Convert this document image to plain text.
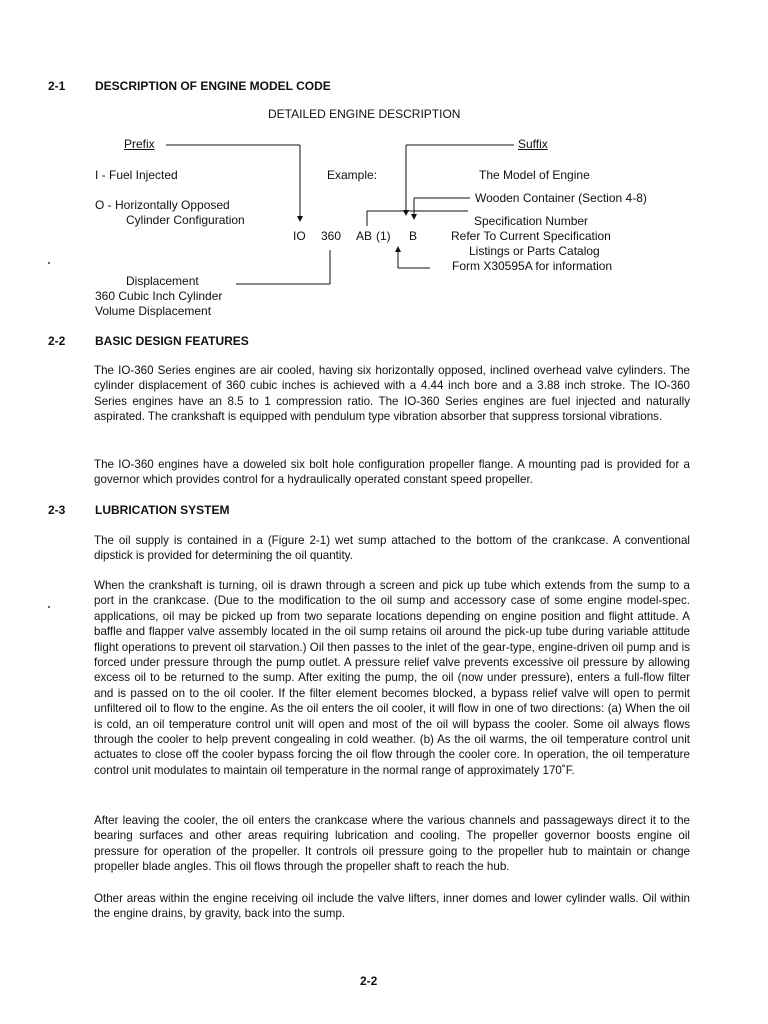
2-1 DESCRIPTION OF ENGINE MODEL CODE
DETAILED ENGINE DESCRIPTION
Prefix	Suffix
I - Fuel Injected
O - Horizontally Opposed
Cylinder Configuration
Example:
IO 360 AB (1) B
The Model of Engine
Wooden Container (Section 4-8)
Specification Number
Refer To Current Specification
Listings or Parts Catalog
Form X30595A for information
Displacement
360 Cubic Inch Cylinder
Volume Displacement
2-2 BASIC DESIGN FEATURES
The IO-360 Series engines are air cooled, having six horizontally opposed, inclined overhead valve cylinders. The cylinder displacement of 360 cubic inches is achieved with a 4.44 inch bore and a 3.88 inch stroke. The IO-360 Series engines have an 8.5 to 1 compression ratio. The IO-360 Series engines are fuel injected and naturally aspirated. The crankshaft is equipped with pendulum type vibration absorber that suppress torsional vibrations.
The IO-360 engines have a doweled six bolt hole configuration propeller flange. A mounting pad is provided for a governor which provides control for a hydraulically operated constant speed propeller.
2-3 LUBRICATION SYSTEM
The oil supply is contained in a (Figure 2-1) wet sump attached to the bottom of the crankcase. A conventional dipstick is provided for determining the oil quantity.
When the crankshaft is turning, oil is drawn through a screen and pick up tube which extends from the sump to a port in the crankcase. (Due to the modification to the oil sump and accessory case of some engine model-spec. applications, oil may be picked up from two separate locations depending on engine position and flight attitude. A baffle and flapper valve assembly located in the oil sump retains oil around the pick-up tube during variable attitude flight operations to prevent oil starvation.) Oil then passes to the inlet of the gear-type, engine-driven oil pump and is forced under pressure through the pump outlet. A pressure relief valve prevents excessive oil pressure by allowing excess oil to be returned to the sump. After exiting the pump, the oil (now under pressure), enters a full-flow filter and is passed on to the oil cooler. If the filter element becomes blocked, a bypass relief valve will open to permit unfiltered oil to flow to the engine. As the oil enters the oil cooler, it will flow in one of two directions: (a) When the oil is cold, an oil temperature control unit will open and most of the oil will bypass the cooler. Some oil always flows through the cooler to help prevent congealing in cold weather. (b) As the oil warms, the oil temperature control unit actuates to close off the cooler bypass forcing the oil flow through the cooler core. In operation, the oil temperature control unit modulates to maintain oil temperature in the normal range of approximately 170˚F.
After leaving the cooler, the oil enters the crankcase where the various channels and passageways direct it to the bearing surfaces and other areas requiring lubrication and cooling. The propeller governor boosts engine oil pressure for operation of the propeller. It controls oil pressure going to the propeller hub to maintain or change propeller blade angles. This oil flows through the propeller shaft to reach the hub.
Other areas within the engine receiving oil include the valve lifters, inner domes and lower cylinder walls. Oil within the engine drains, by gravity, back into the sump.
2-2
